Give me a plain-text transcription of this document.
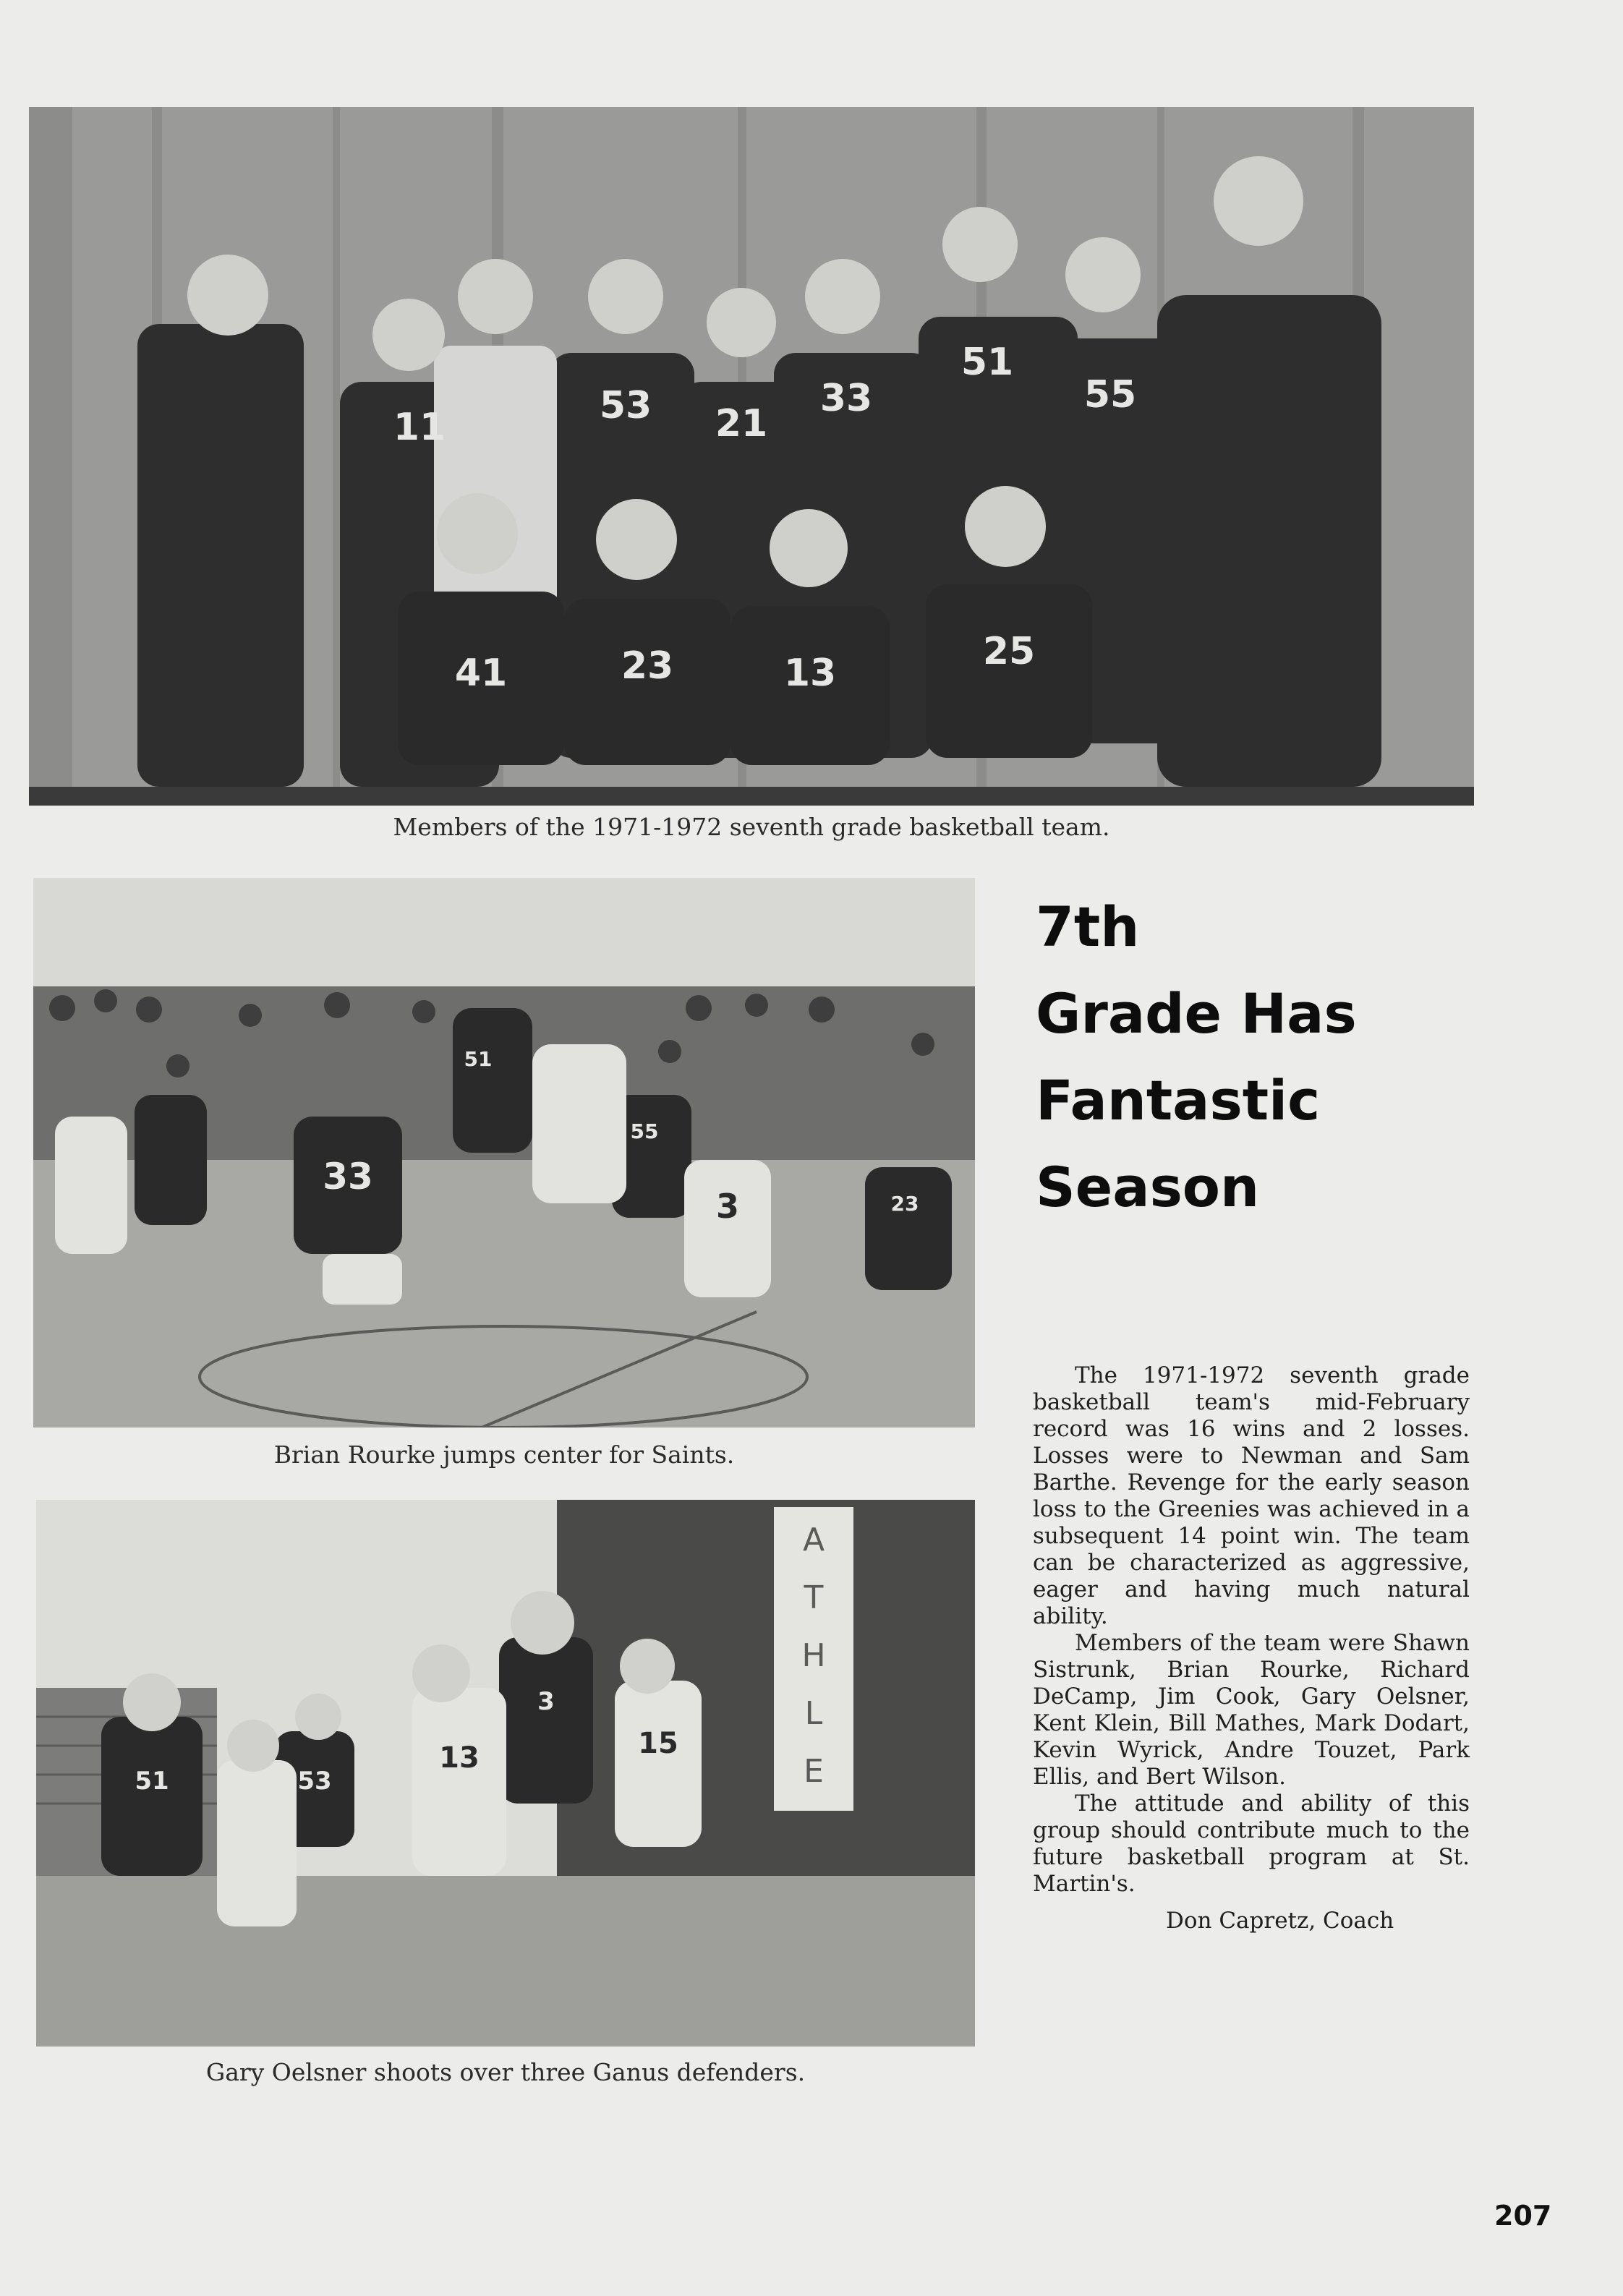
11	53 21
33
51
55
41	23	13	25
Members of the 1971-1972 seventh grade basketball team.
33
51
55
23
3
Brian Rourke jumps center for Saints.
A
T
H
L
E
51	53
3
13	15
Gary Oelsner shoots over three Ganus defenders.
7th
Grade Has
Fantastic
Season

The 1971-1972 seventh grade basketball team's mid-February record was 16 wins and 2 losses. Losses were to Newman and Sam Barthe. Revenge for the early season loss to the Greenies was achieved in a subsequent 14 point win. The team can be characterized as aggressive, eager and having much natural ability.

Members of the team were Shawn Sistrunk, Brian Rourke, Richard DeCamp, Jim Cook, Gary Oelsner, Kent Klein, Bill Mathes, Mark Dodart, Kevin Wyrick, Andre Touzet, Park Ellis, and Bert Wilson.

The attitude and ability of this group should contribute much to the future basketball program at St. Martin's.

Don Capretz, Coach
207
